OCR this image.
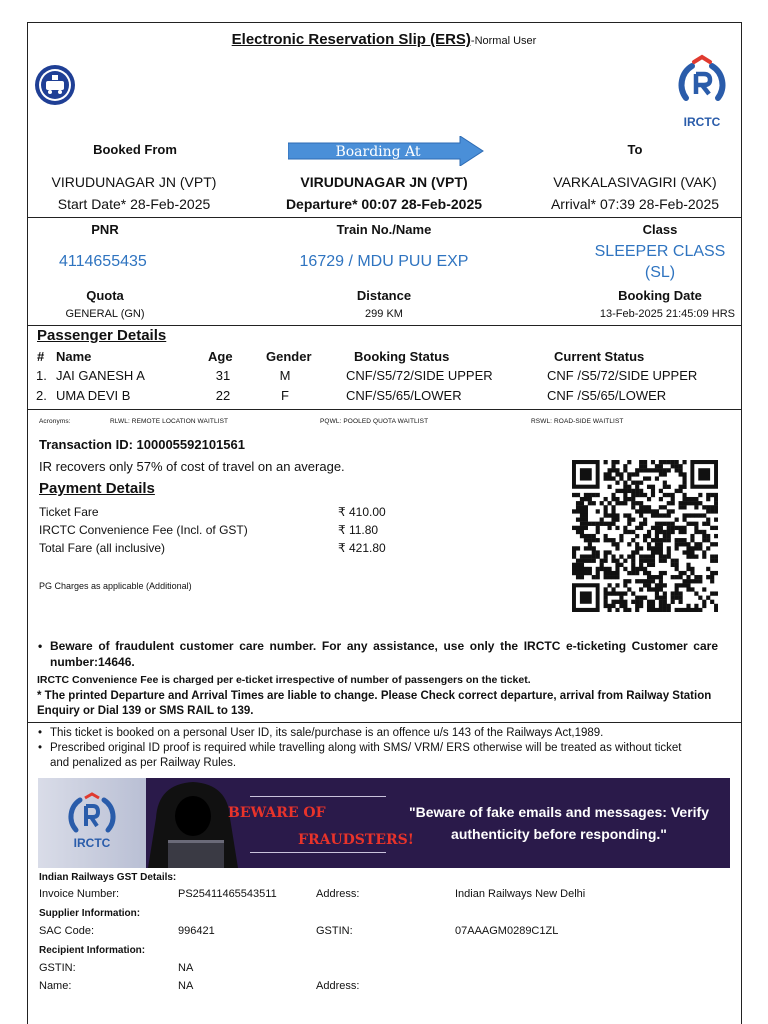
Electronic Reservation Slip (ERS)-Normal User
IRCTC
Booked From	Boarding At	To
VIRUDUNAGAR JN (VPT)	VIRUDUNAGAR JN (VPT)	VARKALASIVAGIRI (VAK)
Start Date* 28-Feb-2025	Departure* 00:07 28-Feb-2025	Arrival* 07:39 28-Feb-2025
PNR	Train No./Name	Class
4114655435	16729 / MDU PUU EXP
SLEEPER CLASS
(SL)
Quota	Distance	Booking Date
GENERAL (GN)	299 KM	13-Feb-2025 21:45:09 HRS
Passenger Details
# Name	Age	Gender	Booking Status	Current Status
1. JAI GANESH A	31	M	CNF/S5/72/SIDE UPPER	CNF /S5/72/SIDE UPPER
2. UMA DEVI B	22	F	CNF/S5/65/LOWER	CNF /S5/65/LOWER
Acronyms:	RLWL: REMOTE LOCATION WAITLIST	PQWL: POOLED QUOTA WAITLIST	RSWL: ROAD-SIDE WAITLIST
Transaction ID: 100005592101561
IR recovers only 57% of cost of travel on an average.
Payment Details
Ticket Fare	₹ 410.00
IRCTC Convenience Fee (Incl. of GST)	₹ 11.80
Total Fare (all inclusive)	₹ 421.80
PG Charges as applicable (Additional)
• Beware of fraudulent customer care number. For any assistance, use only the IRCTC e-ticketing Customer care
number:14646.
IRCTC Convenience Fee is charged per e-ticket irrespective of number of passengers on the ticket.
* The printed Departure and Arrival Times are liable to change. Please Check correct departure, arrival from Railway Station
Enquiry or Dial 139 or SMS RAIL to 139.
• This ticket is booked on a personal User ID, its sale/purchase is an offence u/s 143 of the Railways Act,1989.
• Prescribed original ID proof is required while travelling along with SMS/ VRM/ ERS otherwise will be treated as without ticket
and penalized as per Railway Rules.
IRCTC
BEWARE OF
FRAUDSTERS!
"Beware of fake emails and messages: Verify
authenticity before responding."
Indian Railways GST Details:
Invoice Number:	PS25411465543511	Address:	Indian Railways New Delhi
Supplier Information:
SAC Code:	996421	GSTIN:	07AAAGM0289C1ZL
Recipient Information:
GSTIN:	NA
Name:	NA	Address:
